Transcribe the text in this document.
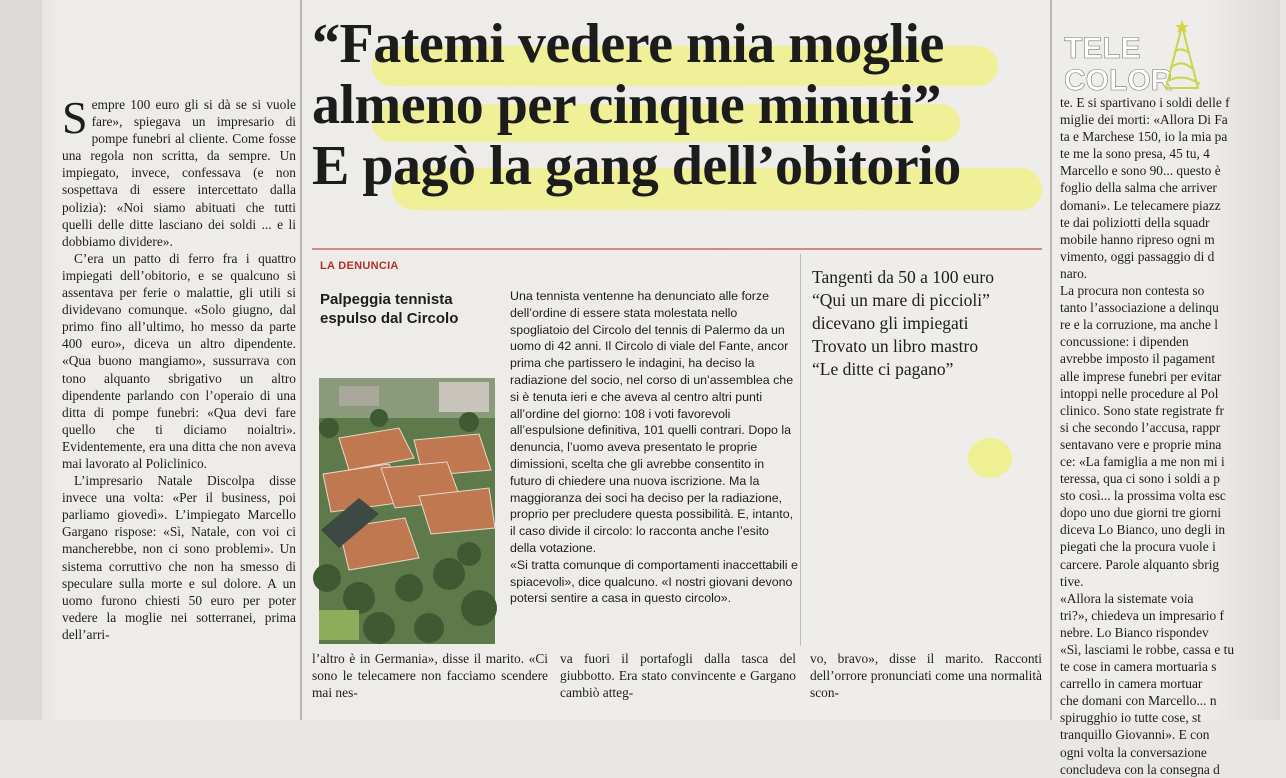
“Fatemi vedere mia moglie
almeno per cinque minuti”
E pagò la gang dell’obitorio
TELE
COLOR

Sempre 100 euro gli si dà se si vuole fare», spiegava un impresario di pompe funebri al cliente. Come fosse una regola non scritta, da sempre. Un impiegato, invece, confessava (e non sospettava di essere intercettato dalla polizia): «Noi siamo abituati che tutti quelli delle ditte lasciano dei soldi ... e li dobbiamo dividere».

C’era un patto di ferro fra i quattro impiegati dell’obitorio, e se qualcuno si assentava per ferie o malattie, gli utili si dividevano comunque. «Solo giugno, dal primo fino all’ultimo, ho messo da parte 400 euro», diceva un altro dipendente. «Qua buono mangiamo», sussurrava con tono alquanto sbrigativo un altro dipendente parlando con l’operaio di una ditta di pompe funebri: «Qua devi fare quello che ti diciamo noialtri». Evidentemente, era una ditta che non aveva mai lavorato al Policlinico.

L’impresario Natale Discolpa disse invece una volta: «Per il business, poi parliamo giovedì». L’impiegato Marcello Gargano rispose: «Sì, Natale, con voi ci mancherebbe, non ci sono problemi». Un sistema corruttivo che non ha smesso di speculare sulla morte e sul dolore. A un uomo furono chiesti 50 euro per poter vedere la moglie nei sotterranei, prima dell’arri-

LA DENUNCIA
Palpeggia tennista espulso dal Circolo

Una tennista ventenne ha denunciato alle forze dell’ordine di essere stata molestata nello spogliatoio del Circolo del tennis di Palermo da un uomo di 42 anni. Il Circolo di viale del Fante, ancor prima che partissero le indagini, ha deciso la radiazione del socio, nel corso di un’assemblea che si è tenuta ieri e che aveva al centro altri punti all’ordine del giorno: 108 i voti favorevoli all’espulsione definitiva, 101 quelli contrari. Dopo la denuncia, l’uomo aveva presentato le proprie dimissioni, scelta che gli avrebbe consentito in futuro di chiedere una nuova iscrizione. Ma la maggioranza dei soci ha deciso per la radiazione, proprio per precludere questa possibilità. E, intanto, il caso divide il circolo: lo racconta anche l’esito della votazione.

«Si tratta comunque di comportamenti inaccettabili e spiacevoli», dice qualcuno. «I nostri giovani devono potersi sentire a casa in questo circolo».

Tangenti da 50 a 100 euro
“Qui un mare di piccioli”
dicevano gli impiegati
Trovato un libro mastro
“Le ditte ci pagano”
l’altro è in Germania», disse il marito. «Ci sono le telecamere non facciamo scendere mai nes-
va fuori il portafogli dalla tasca del giubbotto. Era stato convincente e Gargano cambiò atteg-
vo, bravo», disse il marito. Racconti dell’orrore pronunciati come una normalità scon-
te. E si spartivano i soldi delle f
miglie dei morti: «Allora Di Fa
ta e Marchese 150, io la mia pa
te me la sono presa, 45 tu, 4
Marcello e sono 90... questo è
foglio della salma che arriver
domani». Le telecamere piazz
te dai poliziotti della squadr
mobile hanno ripreso ogni m
vimento, oggi passaggio di d
naro.
La procura non contesta so
tanto l’associazione a delinqu
re e la corruzione, ma anche l
concussione: i dipenden
avrebbe imposto il pagament
alle imprese funebri per evitar
intoppi nelle procedure al Pol
clinico. Sono state registrate fr
si che secondo l’accusa, rappr
sentavano vere e proprie mina
ce: «La famiglia a me non mi i
teressa, qua ci sono i soldi a p
sto così... la prossima volta esc
dopo uno due giorni tre giorni
diceva Lo Bianco, uno degli in
piegati che la procura vuole i
carcere. Parole alquanto sbrig
tive.
«Allora la sistemate voia
tri?», chiedeva un impresario f
nebre. Lo Bianco rispondev
«Sì, lasciami le robbe, cassa e tu
te cose in camera mortuaria s
carrello in camera mortuar
che domani con Marcello... n
spirugghio io tutte cose, st
tranquillo Giovanni». E con
ogni volta la conversazione
concludeva con la consegna d
